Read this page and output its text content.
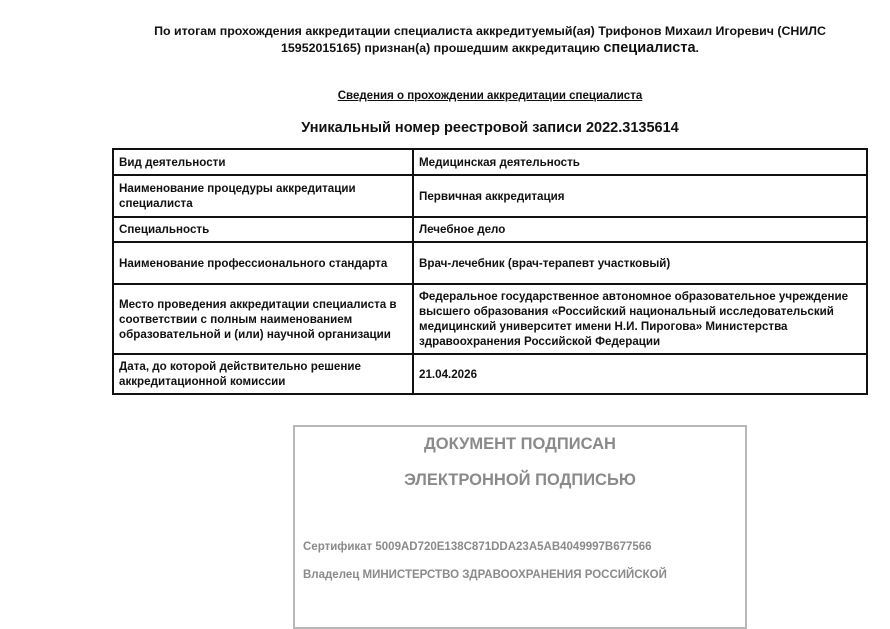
По итогам прохождения аккредитации специалиста аккредитуемый(ая) Трифонов Михаил Игоревич (СНИЛС 15952015165) признан(а) прошедшим аккредитацию специалиста.
Сведения о прохождении аккредитации специалиста
Уникальный номер реестровой записи 2022.3135614
Вид деятельности	Медицинская деятельность
Наименование процедуры аккредитации специалиста	Первичная аккредитация
Специальность	Лечебное дело
Наименование профессионального стандарта	Врач-лечебник (врач-терапевт участковый)
Место проведения аккредитации специалиста в соответствии с полным наименованием образовательной и (или) научной организации	Федеральное государственное автономное образовательное учреждение высшего образования «Российский национальный исследовательский медицинский университет имени Н.И. Пирогова» Министерства здравоохранения Российской Федерации
Дата, до которой действительно решение аккредитационной комиссии	21.04.2026
ДОКУМЕНТ ПОДПИСАН
ЭЛЕКТРОННОЙ ПОДПИСЬЮ
Сертификат 5009AD720E138C871DDA23A5AB4049997B677566
Владелец МИНИСТЕРСТВО ЗДРАВООХРАНЕНИЯ РОССИЙСКОЙ
